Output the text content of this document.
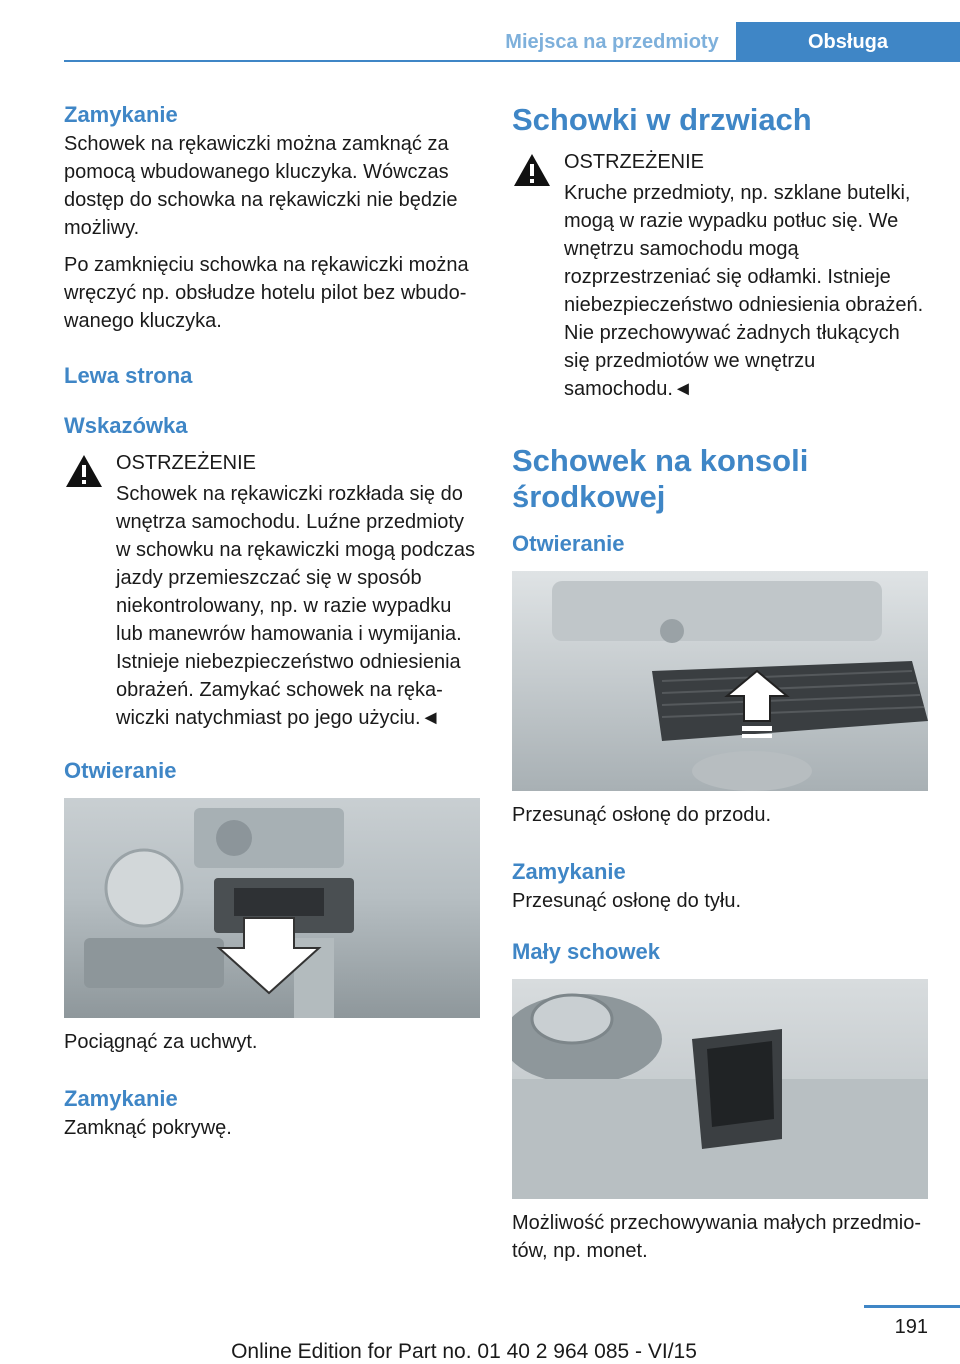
Miejsca na przedmioty	Obsługa
Zamykanie

Schowek na rękawiczki można zamknąć za pomocą wbudowanego kluczyka. Wówczas dostęp do schowka na rękawiczki nie będzie możliwy.

Po zamknięciu schowka na rękawiczki można wręczyć np. obsłudze hotelu pilot bez wbudowanego kluczyka.

Lewa strona
Wskazówka

OSTRZEŻENIE

Schowek na rękawiczki rozkłada się do wnętrza samochodu. Luźne przedmioty w schowku na rękawiczki mogą podczas jazdy przemieszczać się w sposób niekontrolowany, np. w razie wypadku lub manewrów hamowania i wymijania. Istnieje niebezpieczeństwo odniesienia obrażeń. Zamykać schowek na rękawiczki natychmiast po jego użyciu.◄

Otwieranie

Pociągnąć za uchwyt.

Zamykanie

Zamknąć pokrywę.

Schowki w drzwiach

OSTRZEŻENIE

Kruche przedmioty, np. szklane butelki, mogą w razie wypadku potłuc się. We wnętrzu samochodu mogą rozprzestrzeniać się odłamki. Istnieje niebezpieczeństwo odniesienia obrażeń. Nie przechowywać żadnych tłukących się przedmiotów we wnętrzu samochodu.◄

Schowek na konsoli
środkowej
Otwieranie

Przesunąć osłonę do przodu.

Zamykanie

Przesunąć osłonę do tyłu.

Mały schowek

Możliwość przechowywania małych przedmiotów, np. monet.

191
Online Edition for Part no. 01 40 2 964 085 - VI/15
